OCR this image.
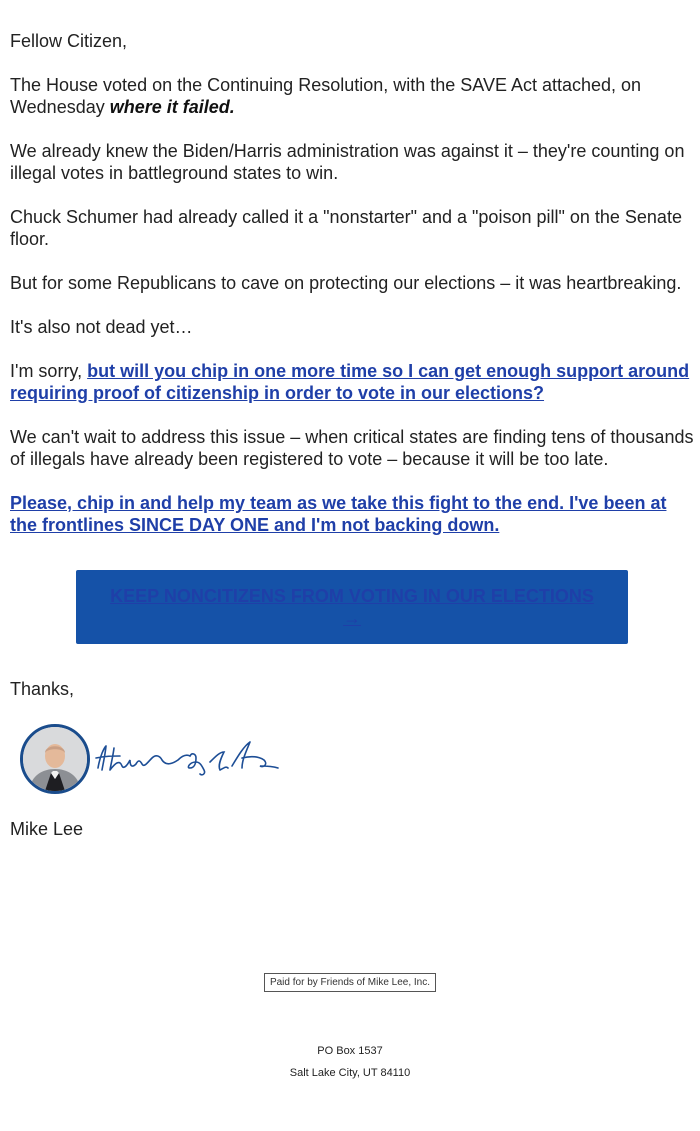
Fellow Citizen,

The House voted on the Continuing Resolution, with the SAVE Act attached, on Wednesday where it failed.

We already knew the Biden/Harris administration was against it – they're counting on illegal votes in battleground states to win.

Chuck Schumer had already called it a "nonstarter" and a "poison pill" on the Senate floor.

But for some Republicans to cave on protecting our elections – it was heartbreaking.

It's also not dead yet…

I'm sorry, but will you chip in one more time so I can get enough support around requiring proof of citizenship in order to vote in our elections?

We can't wait to address this issue – when critical states are finding tens of thousands of illegals have already been registered to vote – because it will be too late.

Please, chip in and help my team as we take this fight to the end. I've been at the frontlines SINCE DAY ONE and I'm not backing down.

KEEP NONCITIZENS FROM VOTING IN OUR ELECTIONS →

Thanks,

Mike Lee

Paid for by Friends of Mike Lee, Inc.
PO Box 1537
Salt Lake City, UT 84110
